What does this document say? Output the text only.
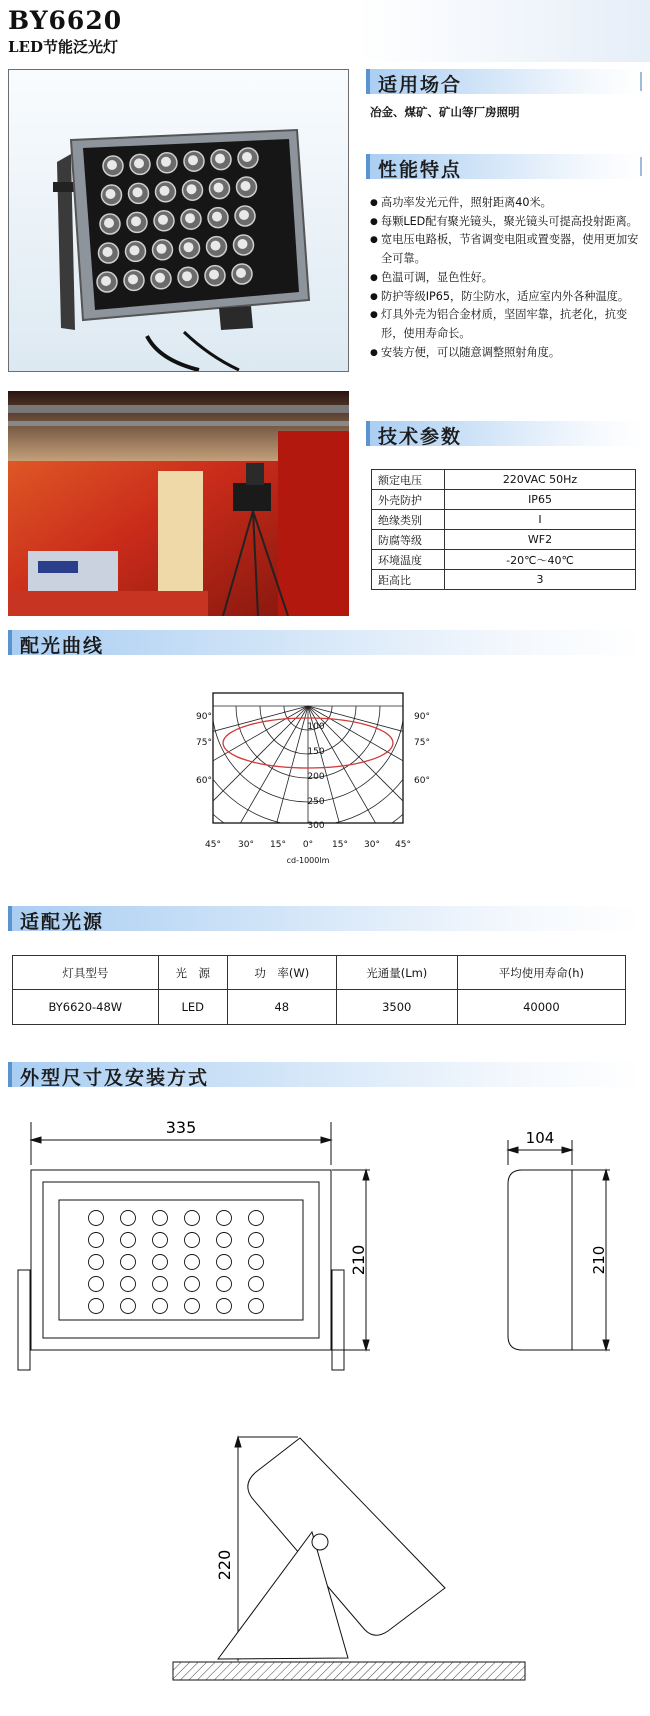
BY6620
LED节能泛光灯
适用场合
冶金、煤矿、矿山等厂房照明
性能特点
● 高功率发光元件，照射距离40米。
● 每颗LED配有聚光镜头，聚光镜头可提高投射距离。
● 宽电压电路板，节省调变电阻或置变器，使用更加安全可靠。
● 色温可调，显色性好。
● 防护等级IP65，防尘防水，适应室内外各种温度。
● 灯具外壳为铝合金材质，坚固牢靠，抗老化，抗变形，使用寿命长。
● 安装方便，可以随意调整照射角度。
技术参数
额定电压	220VAC 50Hz
外壳防护	IP65
绝缘类别	I
防腐等级	WF2
环境温度	-20℃～40℃
距高比	3
配光曲线
90°
75°
60°
90°
75°
60°
100
150
200
250
300
45° 30° 15° 0° 15° 30° 45°
cd-1000lm
适配光源
灯具型号	光　源	功　率(W)	光通量(Lm)	平均使用寿命(h)
BY6620-48W	LED	48	3500	40000
外型尺寸及安装方式
335
210
104
210
220
